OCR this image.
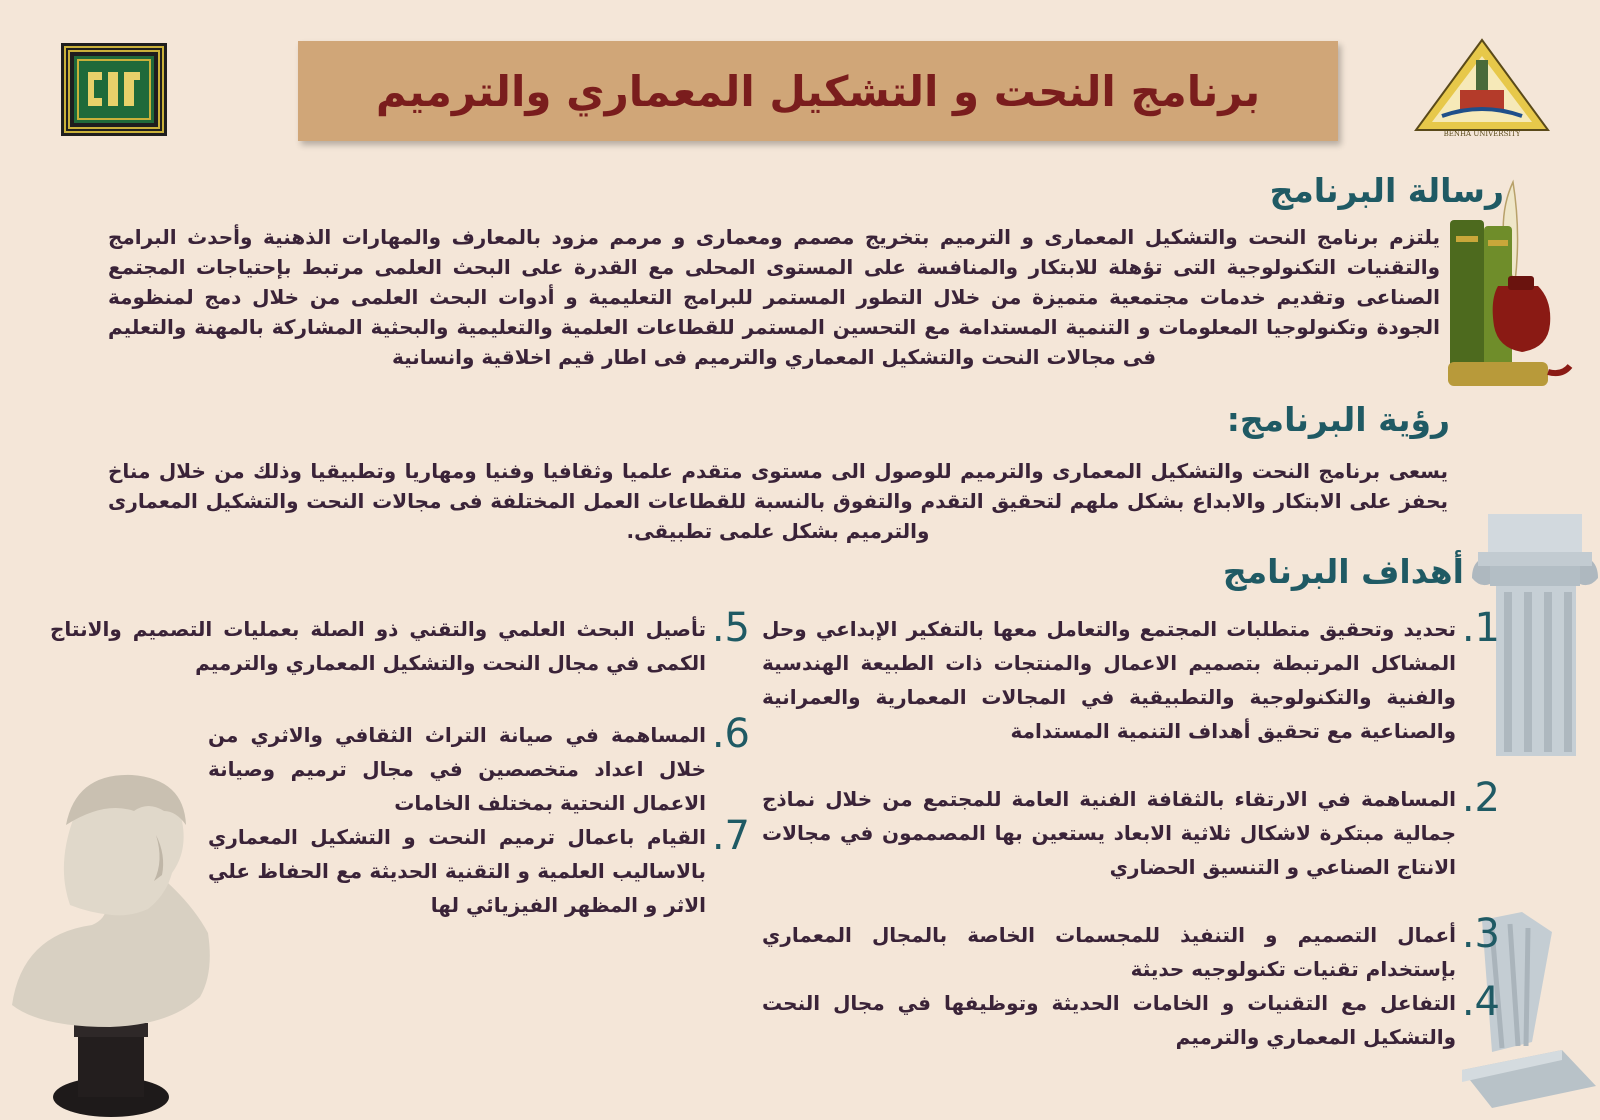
BENHA UNIVERSITY
برنامج النحت و التشكيل المعماري والترميم
رسالة البرنامج
يلتزم برنامج النحت والتشكيل المعمارى و الترميم بتخريج مصمم ومعمارى و مرمم مزود بالمعارف والمهارات الذهنية وأحدث البرامج والتقنيات التكنولوجية التى تؤهلة للابتكار والمنافسة على المستوى المحلى مع القدرة على البحث العلمى مرتبط بإحتياجات المجتمع الصناعى وتقديم خدمات مجتمعية متميزة من خلال التطور المستمر للبرامج التعليمية و أدوات البحث العلمى من خلال دمج لمنظومة الجودة وتكنولوجيا المعلومات و التنمية المستدامة مع التحسين المستمر للقطاعات العلمية والتعليمية والبحثية المشاركة بالمهنة والتعليم فى مجالات النحت والتشكيل المعماري والترميم فى اطار قيم اخلاقية وانسانية
رؤية البرنامج:
يسعى برنامج النحت والتشكيل المعمارى والترميم للوصول الى مستوى متقدم علميا وثقافيا وفنيا ومهاريا وتطبيقيا وذلك من خلال مناخ يحفز على الابتكار والابداع بشكل ملهم لتحقيق التقدم والتفوق بالنسبة للقطاعات العمل المختلفة فى مجالات النحت والتشكيل المعمارى والترميم بشكل علمى تطبيقى.
أهداف البرنامج
1.
تحديد وتحقيق متطلبات المجتمع والتعامل معها بالتفكير الإبداعي وحل المشاكل المرتبطة بتصميم الاعمال والمنتجات ذات الطبيعة الهندسية والفنية والتكنولوجية والتطبيقية في المجالات المعمارية والعمرانية والصناعية مع تحقيق أهداف التنمية المستدامة
2.
المساهمة في الارتقاء بالثقافة الفنية العامة للمجتمع من خلال نماذج جمالية مبتكرة لاشكال ثلاثية الابعاد يستعين بها المصممون في مجالات الانتاج الصناعي و التنسيق الحضاري
3.
أعمال التصميم و التنفيذ للمجسمات الخاصة بالمجال المعماري بإستخدام تقنيات تكنولوجيه حديثة
4.
التفاعل مع التقنيات و الخامات الحديثة وتوظيفها في مجال النحت والتشكيل المعماري والترميم
5.
تأصيل البحث العلمي والتقني ذو الصلة بعمليات التصميم والانتاج الكمى في مجال النحت والتشكيل المعماري والترميم
6.
المساهمة في صيانة التراث الثقافي والاثري من خلال اعداد متخصصين في مجال ترميم وصيانة الاعمال النحتية بمختلف الخامات
7.
القيام باعمال ترميم النحت و التشكيل المعماري بالاساليب العلمية و التقنية الحديثة مع الحفاظ علي الاثر و المظهر الفيزيائي لها
